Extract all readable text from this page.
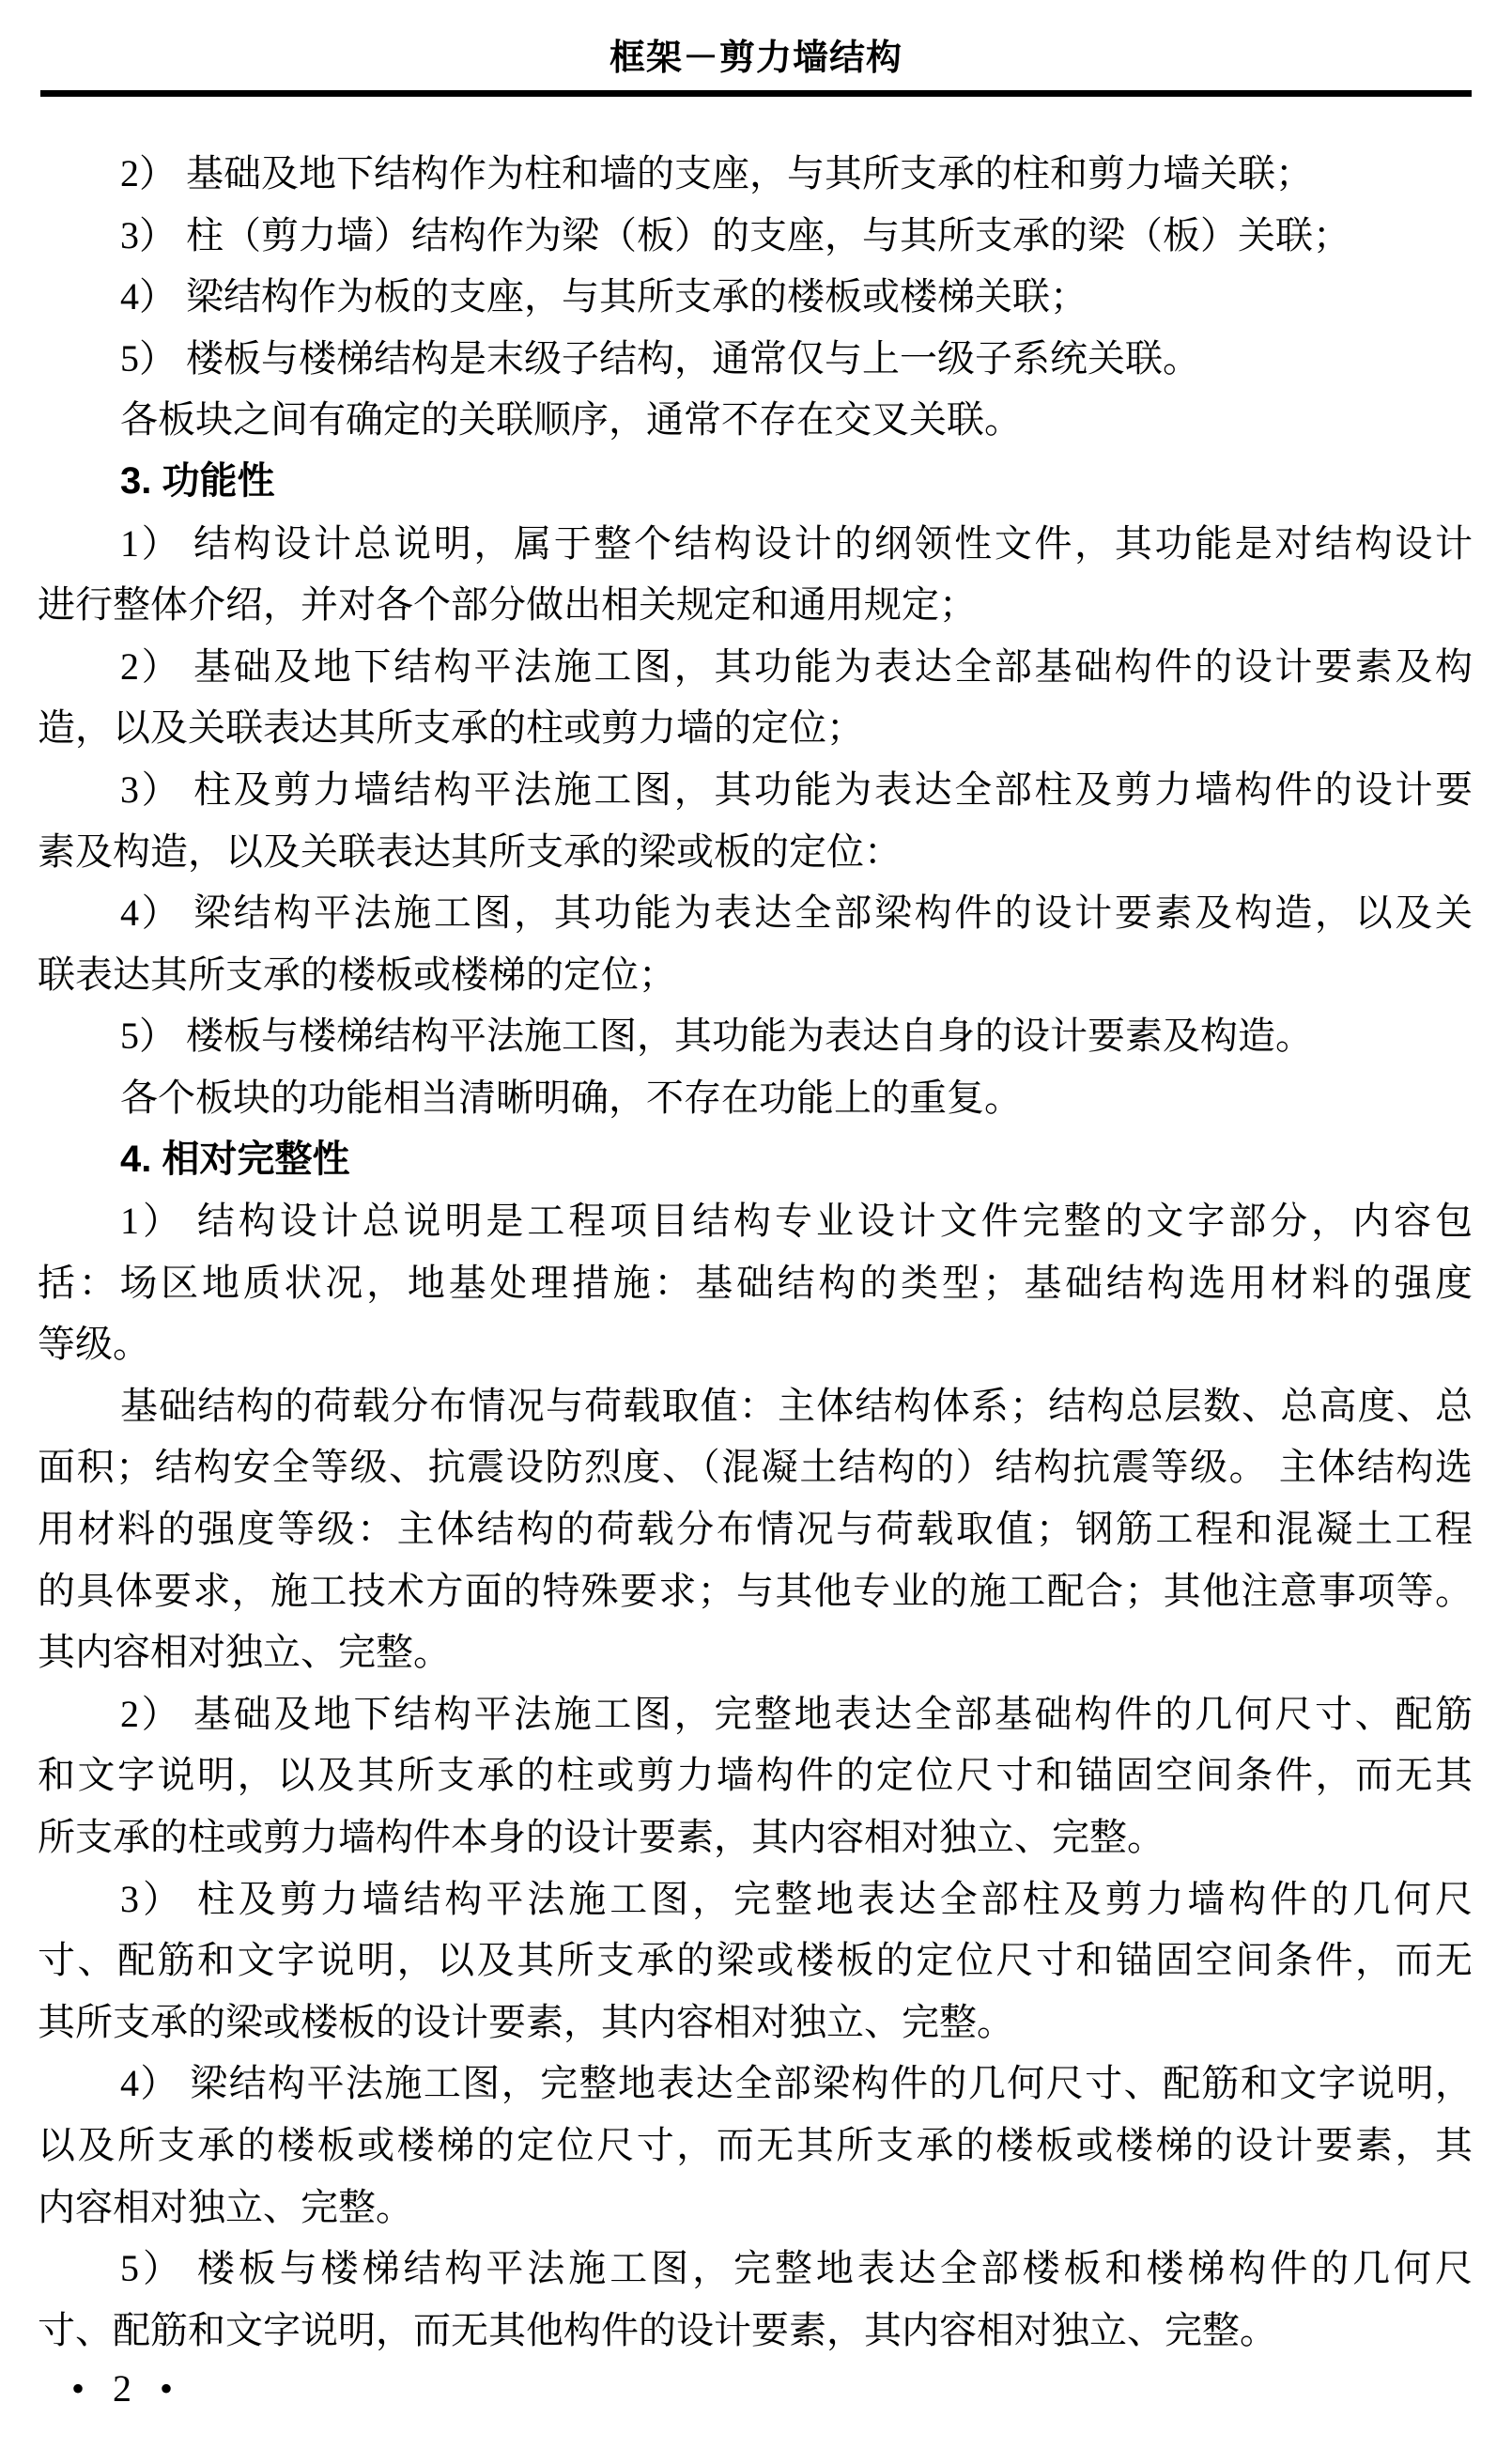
框架－剪力墙结构
2） 基础及地下结构作为柱和墙的支座，与其所支承的柱和剪力墙关联；
3） 柱（剪力墙）结构作为梁（板）的支座，与其所支承的梁（板）关联；
4） 梁结构作为板的支座，与其所支承的楼板或楼梯关联；
5） 楼板与楼梯结构是末级子结构，通常仅与上一级子系统关联。
各板块之间有确定的关联顺序，通常不存在交叉关联。
3. 功能性
1） 结构设计总说明，属于整个结构设计的纲领性文件，其功能是对结构设计
进行整体介绍，并对各个部分做出相关规定和通用规定；
2） 基础及地下结构平法施工图，其功能为表达全部基础构件的设计要素及构
造，以及关联表达其所支承的柱或剪力墙的定位；
3） 柱及剪力墙结构平法施工图，其功能为表达全部柱及剪力墙构件的设计要
素及构造，以及关联表达其所支承的梁或板的定位：
4） 梁结构平法施工图，其功能为表达全部梁构件的设计要素及构造，以及关
联表达其所支承的楼板或楼梯的定位；
5） 楼板与楼梯结构平法施工图，其功能为表达自身的设计要素及构造。
各个板块的功能相当清晰明确，不存在功能上的重复。
4. 相对完整性
1） 结构设计总说明是工程项目结构专业设计文件完整的文字部分，内容包
括：场区地质状况，地基处理措施：基础结构的类型；基础结构选用材料的强度
等级。
基础结构的荷载分布情况与荷载取值：主体结构体系；结构总层数、总高度、总
面积；结构安全等级、抗震设防烈度、（混凝土结构的）结构抗震等级。 主体结构选
用材料的强度等级：主体结构的荷载分布情况与荷载取值；钢筋工程和混凝土工程
的具体要求，施工技术方面的特殊要求；与其他专业的施工配合；其他注意事项等。
其内容相对独立、完整。
2） 基础及地下结构平法施工图，完整地表达全部基础构件的几何尺寸、配筋
和文字说明，以及其所支承的柱或剪力墙构件的定位尺寸和锚固空间条件，而无其
所支承的柱或剪力墙构件本身的设计要素，其内容相对独立、完整。
3） 柱及剪力墙结构平法施工图，完整地表达全部柱及剪力墙构件的几何尺
寸、配筋和文字说明，以及其所支承的梁或楼板的定位尺寸和锚固空间条件，而无
其所支承的梁或楼板的设计要素，其内容相对独立、完整。
4） 梁结构平法施工图，完整地表达全部梁构件的几何尺寸、配筋和文字说明，
以及所支承的楼板或楼梯的定位尺寸，而无其所支承的楼板或楼梯的设计要素，其
内容相对独立、完整。
5） 楼板与楼梯结构平法施工图，完整地表达全部楼板和楼梯构件的几何尺
寸、配筋和文字说明，而无其他构件的设计要素，其内容相对独立、完整。
• 2 •
